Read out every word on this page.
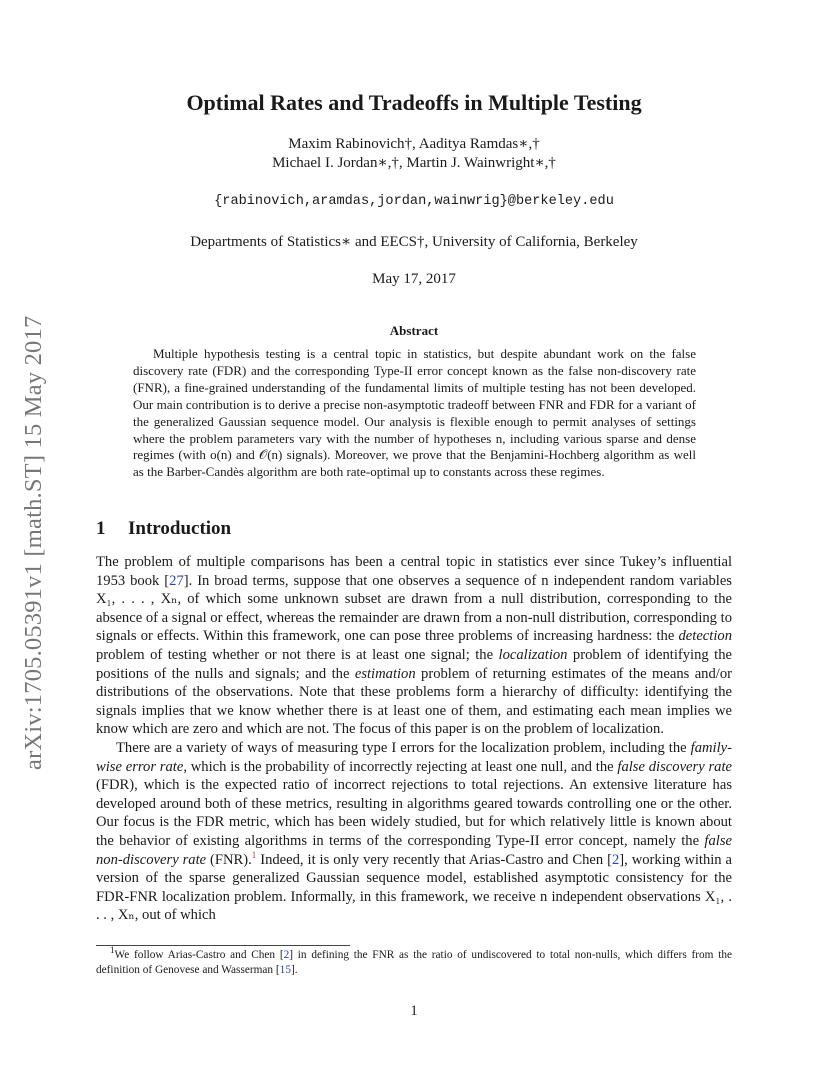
arXiv:1705.05391v1 [math.ST] 15 May 2017
Optimal Rates and Tradeoffs in Multiple Testing
Maxim Rabinovich†, Aaditya Ramdas∗,†
Michael I. Jordan∗,†, Martin J. Wainwright∗,†
{rabinovich,aramdas,jordan,wainwrig}@berkeley.edu
Departments of Statistics∗ and EECS†, University of California, Berkeley
May 17, 2017
Abstract
Multiple hypothesis testing is a central topic in statistics, but despite abundant work on the false discovery rate (FDR) and the corresponding Type-II error concept known as the false non-discovery rate (FNR), a fine-grained understanding of the fundamental limits of multiple testing has not been developed. Our main contribution is to derive a precise non-asymptotic tradeoff between FNR and FDR for a variant of the generalized Gaussian sequence model. Our analysis is flexible enough to permit analyses of settings where the problem parameters vary with the number of hypotheses n, including various sparse and dense regimes (with o(n) and 𝒪(n) signals). Moreover, we prove that the Benjamini-Hochberg algorithm as well as the Barber-Candès algorithm are both rate-optimal up to constants across these regimes.
1 Introduction

The problem of multiple comparisons has been a central topic in statistics ever since Tukey’s influential 1953 book [27]. In broad terms, suppose that one observes a sequence of n independent random variables X₁, . . . , Xₙ, of which some unknown subset are drawn from a null distribution, corresponding to the absence of a signal or effect, whereas the remainder are drawn from a non-null distribution, corresponding to signals or effects. Within this framework, one can pose three problems of increasing hardness: the detection problem of testing whether or not there is at least one signal; the localization problem of identifying the positions of the nulls and signals; and the estimation problem of returning estimates of the means and/or distributions of the observations. Note that these problems form a hierarchy of difficulty: identifying the signals implies that we know whether there is at least one of them, and estimating each mean implies we know which are zero and which are not. The focus of this paper is on the problem of localization.

There are a variety of ways of measuring type I errors for the localization problem, including the family-wise error rate, which is the probability of incorrectly rejecting at least one null, and the false discovery rate (FDR), which is the expected ratio of incorrect rejections to total rejections. An extensive literature has developed around both of these metrics, resulting in algorithms geared towards controlling one or the other. Our focus is the FDR metric, which has been widely studied, but for which relatively little is known about the behavior of existing algorithms in terms of the corresponding Type-II error concept, namely the false non-discovery rate (FNR).$^1$ Indeed, it is only very recently that Arias-Castro and Chen [2], working within a version of the sparse generalized Gaussian sequence model, established asymptotic consistency for the FDR-FNR localization problem. Informally, in this framework, we receive n independent observations X₁, . . . , Xₙ, out of which

$^1$We follow Arias-Castro and Chen [2] in defining the FNR as the ratio of undiscovered to total non-nulls, which differs from the definition of Genovese and Wasserman [15].
1
